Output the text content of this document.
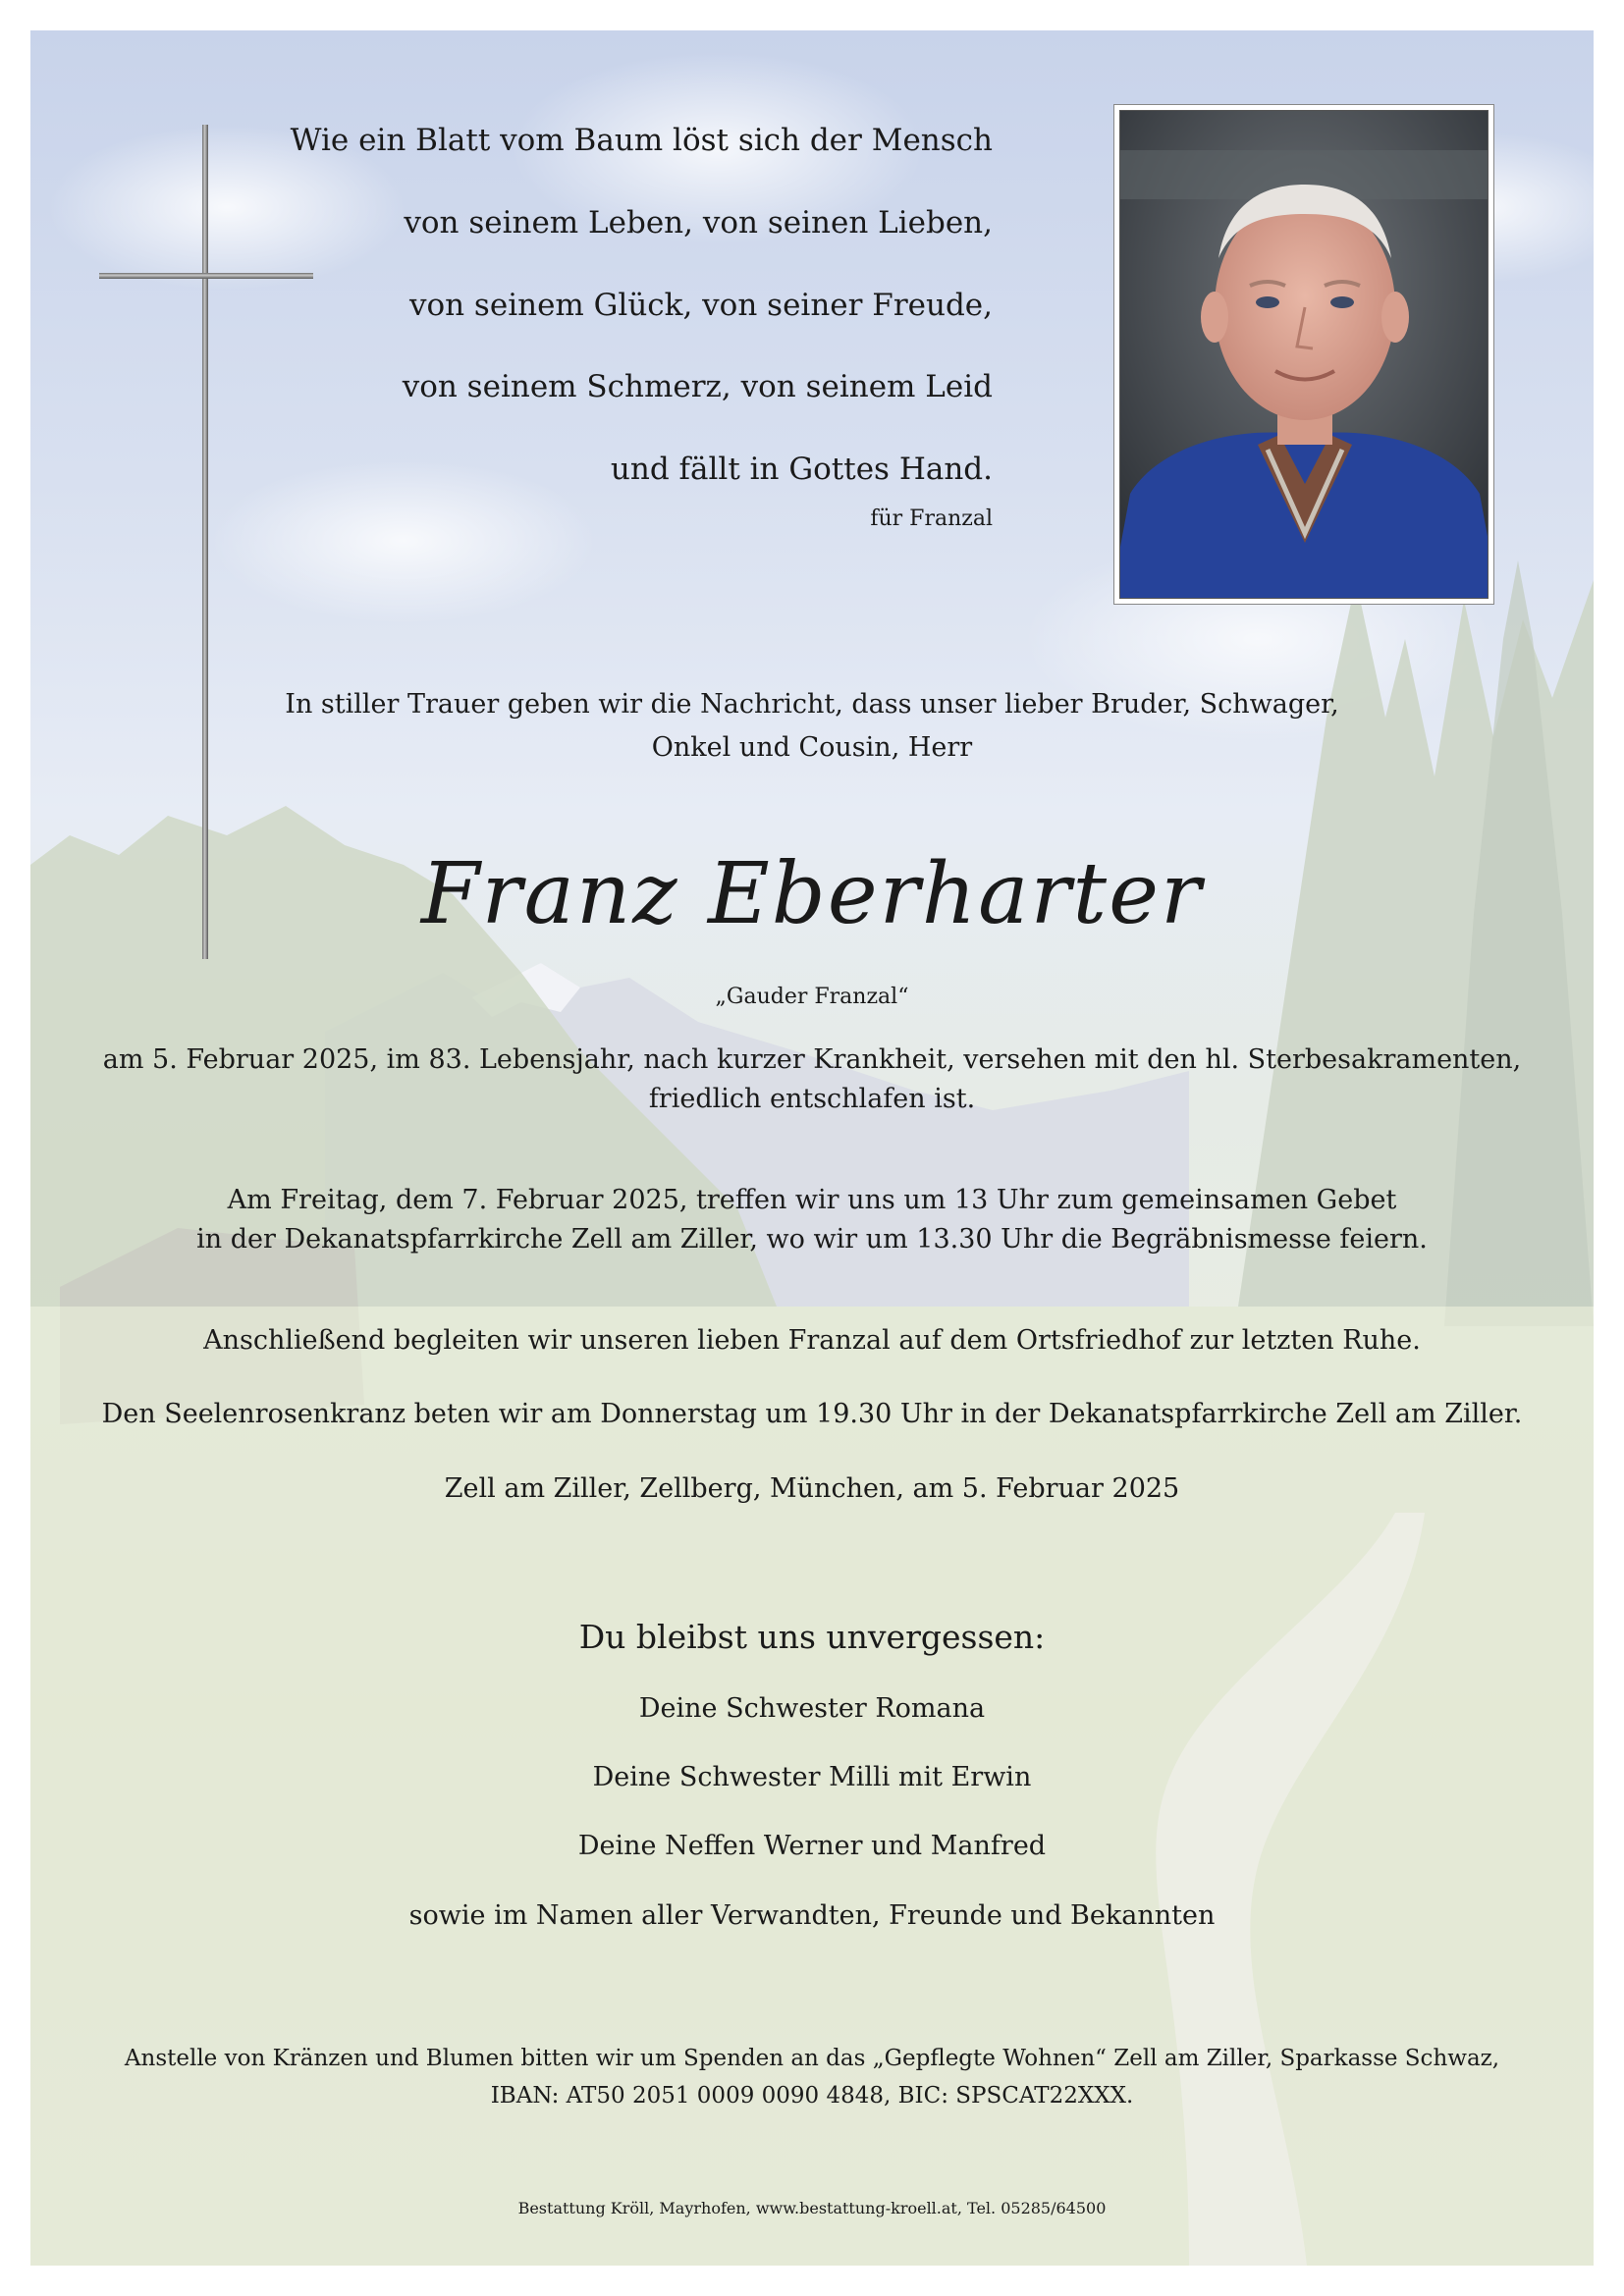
Wie ein Blatt vom Baum löst sich der Mensch
von seinem Leben, von seinen Lieben,
von seinem Glück, von seiner Freude,
von seinem Schmerz, von seinem Leid
und fällt in Gottes Hand.
für Franzal
In stiller Trauer geben wir die Nachricht, dass unser lieber Bruder, Schwager,
Onkel und Cousin, Herr
Franz Eberharter
„Gauder Franzal“
am 5. Februar 2025, im 83. Lebensjahr, nach kurzer Krankheit, versehen mit den hl. Sterbesakramenten,
friedlich entschlafen ist.
Am Freitag, dem 7. Februar 2025, treffen wir uns um 13 Uhr zum gemeinsamen Gebet
in der Dekanatspfarrkirche Zell am Ziller, wo wir um 13.30 Uhr die Begräbnismesse feiern.
Anschließend begleiten wir unseren lieben Franzal auf dem Ortsfriedhof zur letzten Ruhe.
Den Seelenrosenkranz beten wir am Donnerstag um 19.30 Uhr in der Dekanatspfarrkirche Zell am Ziller.
Zell am Ziller, Zellberg, München, am 5. Februar 2025
Du bleibst uns unvergessen:
Deine Schwester Romana
Deine Schwester Milli mit Erwin
Deine Neffen Werner und Manfred
sowie im Namen aller Verwandten, Freunde und Bekannten
Anstelle von Kränzen und Blumen bitten wir um Spenden an das „Gepflegte Wohnen“ Zell am Ziller, Sparkasse Schwaz,
IBAN: AT50 2051 0009 0090 4848, BIC: SPSCAT22XXX.
Bestattung Kröll, Mayrhofen, www.bestattung-kroell.at, Tel. 05285/64500
